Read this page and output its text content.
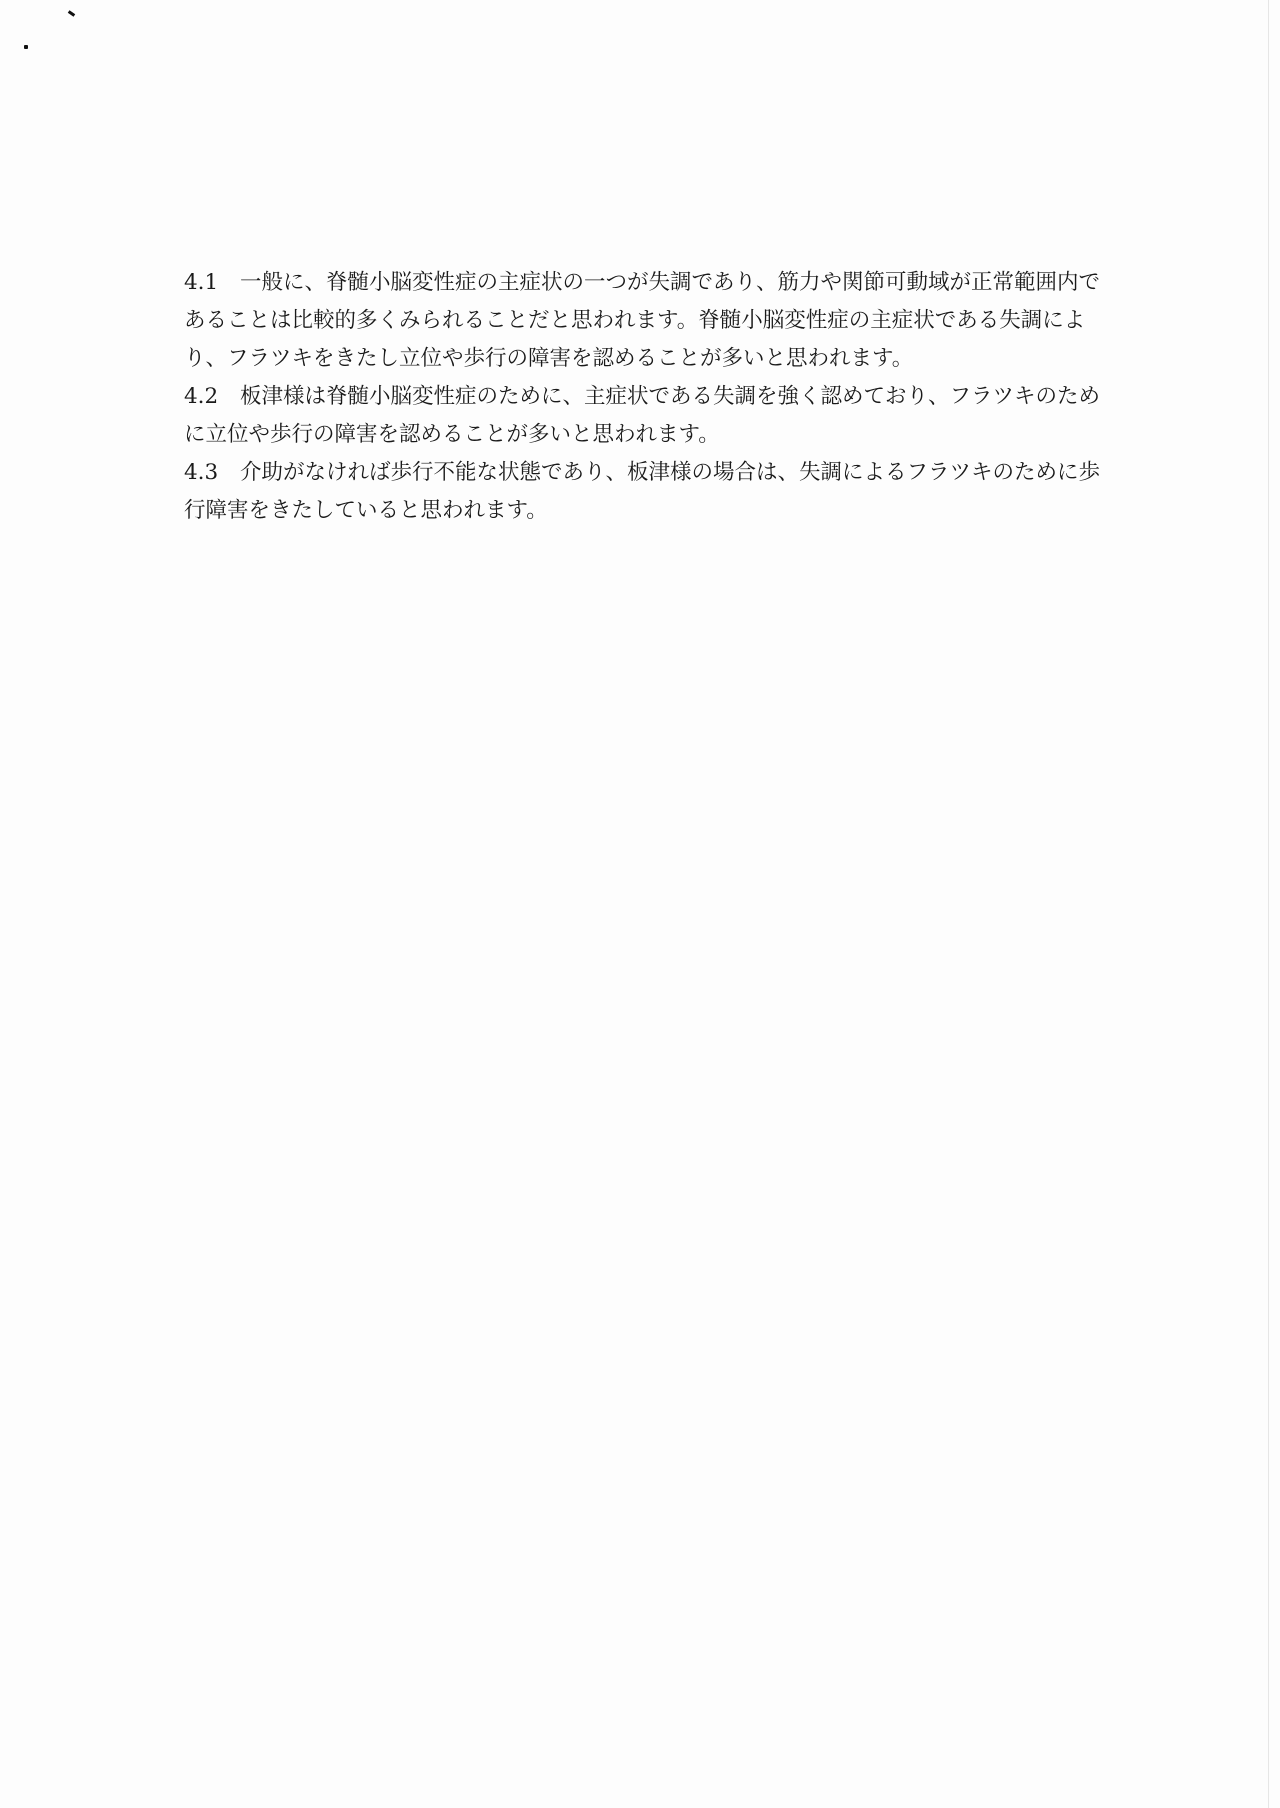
4.1 一般に、脊髄小脳変性症の主症状の一つが失調であり、筋力や関節可動域が正常範囲内であることは比較的多くみられることだと思われます。脊髄小脳変性症の主症状である失調により、フラツキをきたし立位や歩行の障害を認めることが多いと思われます。

4.2 板津様は脊髄小脳変性症のために、主症状である失調を強く認めており、フラツキのために立位や歩行の障害を認めることが多いと思われます。

4.3 介助がなければ歩行不能な状態であり、板津様の場合は、失調によるフラツキのために歩行障害をきたしていると思われます。
